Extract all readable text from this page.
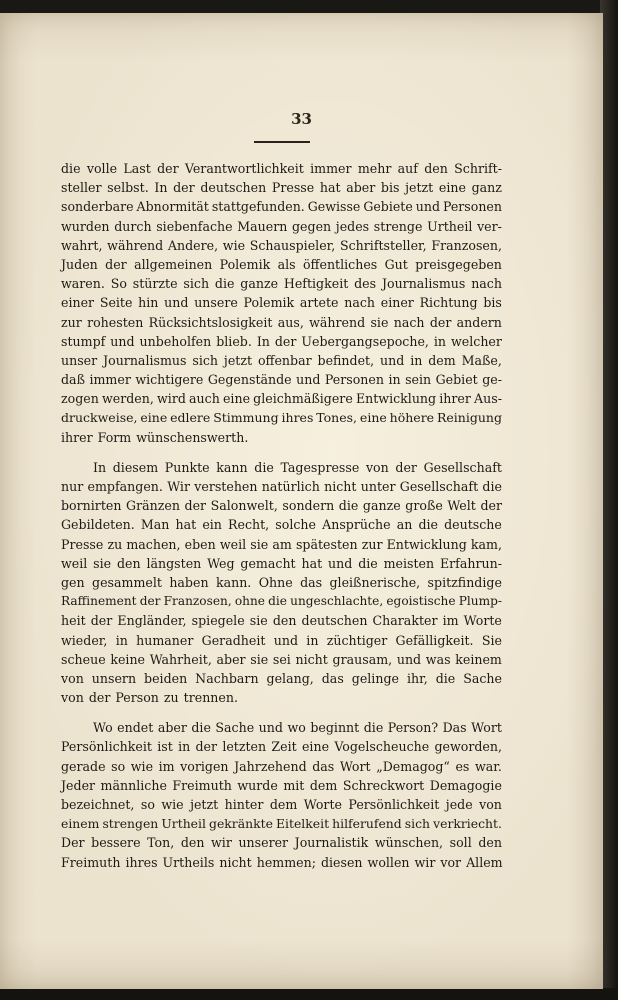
33
die volle Last der Verantwortlichkeit immer mehr auf den Schrift-
steller selbst. In der deutschen Presse hat aber bis jetzt eine ganz
sonderbare Abnormität stattgefunden. Gewisse Gebiete und Personen
wurden durch siebenfache Mauern gegen jedes strenge Urtheil ver-
wahrt, während Andere, wie Schauspieler, Schriftsteller, Franzosen,
Juden der allgemeinen Polemik als öffentliches Gut preisgegeben
waren. So stürzte sich die ganze Heftigkeit des Journalismus nach
einer Seite hin und unsere Polemik artete nach einer Richtung bis
zur rohesten Rücksichtslosigkeit aus, während sie nach der andern
stumpf und unbeholfen blieb. In der Uebergangsepoche, in welcher
unser Journalismus sich jetzt offenbar befindet, und in dem Maße,
daß immer wichtigere Gegenstände und Personen in sein Gebiet ge-
zogen werden, wird auch eine gleichmäßigere Entwicklung ihrer Aus-
druckweise, eine edlere Stimmung ihres Tones, eine höhere Reinigung
ihrer Form wünschenswerth.
In diesem Punkte kann die Tagespresse von der Gesellschaft
nur empfangen. Wir verstehen natürlich nicht unter Gesellschaft die
bornirten Gränzen der Salonwelt, sondern die ganze große Welt der
Gebildeten. Man hat ein Recht, solche Ansprüche an die deutsche
Presse zu machen, eben weil sie am spätesten zur Entwicklung kam,
weil sie den längsten Weg gemacht hat und die meisten Erfahrun-
gen gesammelt haben kann. Ohne das gleißnerische, spitzfindige
Raffinement der Franzosen, ohne die ungeschlachte, egoistische Plump-
heit der Engländer, spiegele sie den deutschen Charakter im Worte
wieder, in humaner Geradheit und in züchtiger Gefälligkeit. Sie
scheue keine Wahrheit, aber sie sei nicht grausam, und was keinem
von unsern beiden Nachbarn gelang, das gelinge ihr, die Sache
von der Person zu trennen.
Wo endet aber die Sache und wo beginnt die Person? Das Wort
Persönlichkeit ist in der letzten Zeit eine Vogelscheuche geworden,
gerade so wie im vorigen Jahrzehend das Wort „Demagog“ es war.
Jeder männliche Freimuth wurde mit dem Schreckwort Demagogie
bezeichnet, so wie jetzt hinter dem Worte Persönlichkeit jede von
einem strengen Urtheil gekränkte Eitelkeit hilferufend sich verkriecht.
Der bessere Ton, den wir unserer Journalistik wünschen, soll den
Freimuth ihres Urtheils nicht hemmen; diesen wollen wir vor Allem
